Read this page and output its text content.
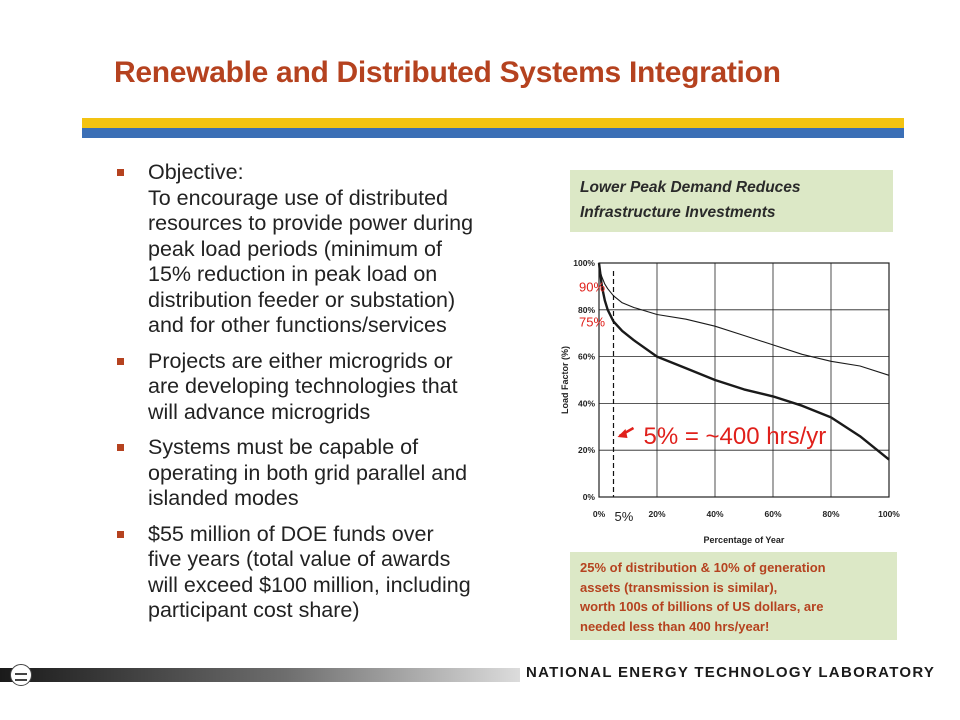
Renewable and Distributed Systems Integration
Objective:
To encourage use of distributed
resources to provide power during
peak load periods (minimum of
15% reduction in peak load on
distribution feeder or substation)
and for other functions/services
Projects are either microgrids or
are developing technologies that
will advance microgrids
Systems must be capable of
operating in both grid parallel and
islanded modes
$55 million of DOE funds over
five years (total value of awards
will exceed $100 million, including
participant cost share)
Lower Peak Demand Reduces
Infrastructure Investments
0%
20%
40%
60%
80%
100%
0%	20%	40%	60%	80%	100%
Percentage of Year
Load Factor (%)
90%
75%
5% = ~400 hrs/yr
5%
25% of distribution & 10% of generation
assets (transmission is similar),
worth 100s of billions of US dollars, are
needed less than 400 hrs/year!
NATIONAL ENERGY TECHNOLOGY LABORATORY
